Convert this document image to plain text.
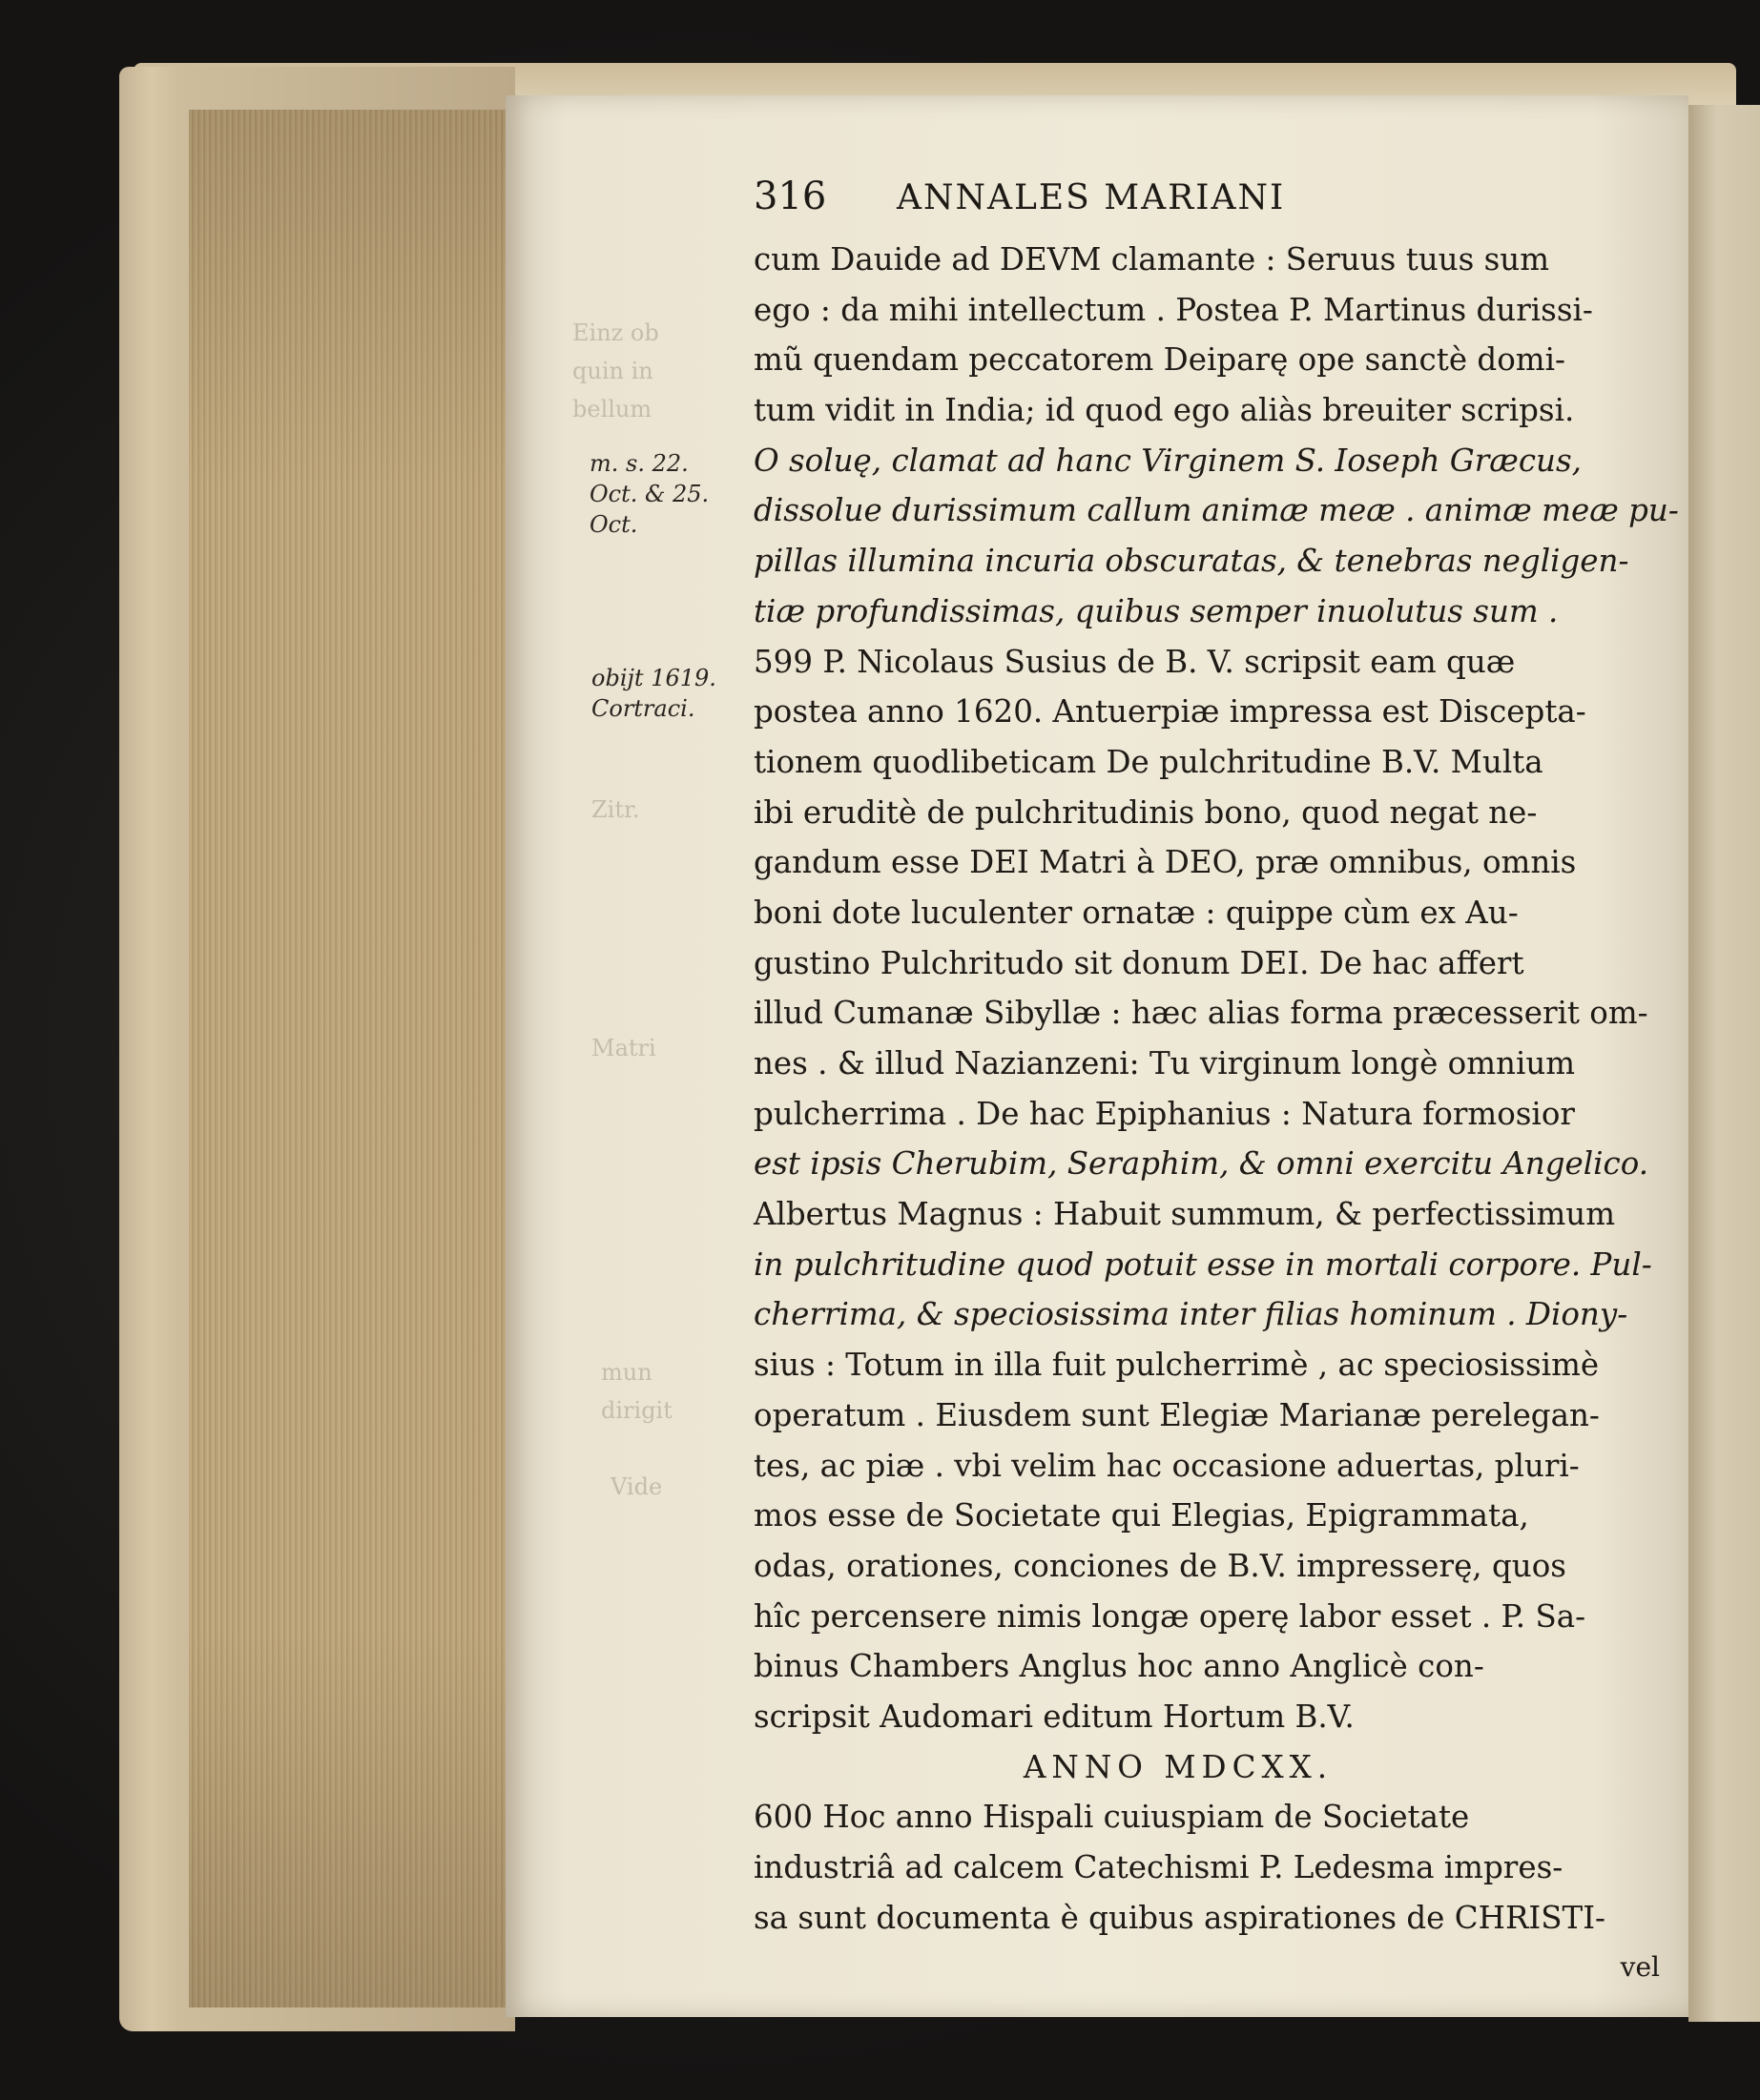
Einz ob
quin in
bellum
Zitr.
Matri
mun
dirigit
Vide
316	ANNALES MARIANI
m. s. 22.
Oct. & 25.
Oct.
obijt 1619.
Cortraci.
cum Dauide ad DEVM clamante : Seruus tuus sum
ego : da mihi intellectum . Postea P. Martinus durissi-
mũ quendam peccatorem Deiparę ope sanctè domi-
tum vidit in India; id quod ego aliàs breuiter scripsi.
O soluę, clamat ad hanc Virginem S. Ioseph Græcus,
dissolue durissimum callum animæ meæ . animæ meæ pu-
pillas illumina incuria obscuratas, & tenebras negligen-
tiæ profundissimas, quibus semper inuolutus sum .
599 P. Nicolaus Susius de B. V. scripsit eam quæ
postea anno 1620. Antuerpiæ impressa est Discepta-
tionem quodlibeticam De pulchritudine B.V. Multa
ibi eruditè de pulchritudinis bono, quod negat ne-
gandum esse DEI Matri à DEO, præ omnibus, omnis
boni dote luculenter ornatæ : quippe cùm ex Au-
gustino Pulchritudo sit donum DEI. De hac affert
illud Cumanæ Sibyllæ : hæc alias forma præcesserit om-
nes . & illud Nazianzeni: Tu virginum longè omnium
pulcherrima . De hac Epiphanius : Natura formosior
est ipsis Cherubim, Seraphim, & omni exercitu Angelico.
Albertus Magnus : Habuit summum, & perfectissimum
in pulchritudine quod potuit esse in mortali corpore. Pul-
cherrima, & speciosissima inter filias hominum . Diony-
sius : Totum in illa fuit pulcherrimè , ac speciosissimè
operatum . Eiusdem sunt Elegiæ Marianæ perelegan-
tes, ac piæ . vbi velim hac occasione aduertas, pluri-
mos esse de Societate qui Elegias, Epigrammata,
odas, orationes, conciones de B.V. impresserę, quos
hîc percensere nimis longæ operę labor esset . P. Sa-
binus Chambers Anglus hoc anno Anglicè con-
scripsit Audomari editum Hortum B.V.
ANNO MDCXX.
600 Hoc anno Hispali cuiuspiam de Societate
industriâ ad calcem Catechismi P. Ledesma impres-
sa sunt documenta è quibus aspirationes de CHRISTI-
vel
